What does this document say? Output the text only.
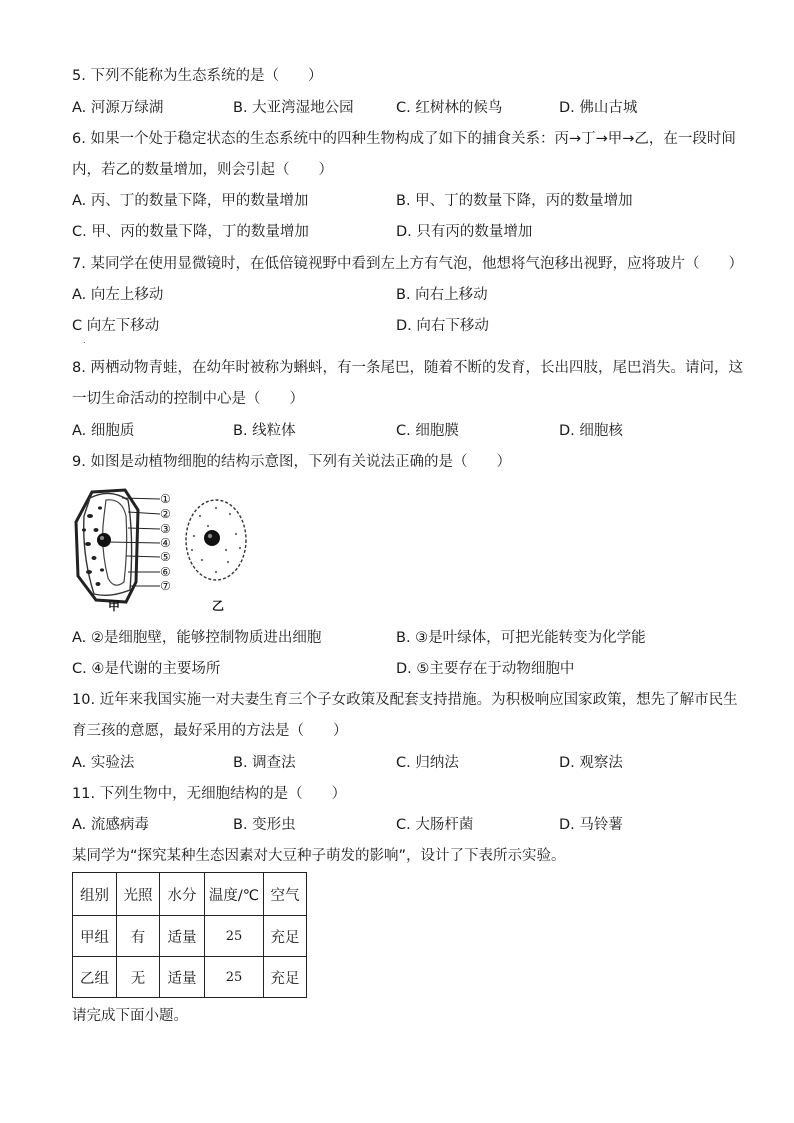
5. 下列不能称为生态系统的是（　　）
A. 河源万绿湖	B. 大亚湾湿地公园	C. 红树林的候鸟	D. 佛山古城
6. 如果一个处于稳定状态的生态系统中的四种生物构成了如下的捕食关系：丙→丁→甲→乙，在一段时间
内，若乙的数量增加，则会引起（　　）
A. 丙、丁的数量下降，甲的数量增加	B. 甲、丁的数量下降，丙的数量增加
C. 甲、丙的数量下降，丁的数量增加	D. 只有丙的数量增加
7. 某同学在使用显微镜时，在低倍镜视野中看到左上方有气泡，他想将气泡移出视野，应将玻片（　　）
A. 向左上移动	B. 向右上移动
C 向左下移动	D. 向右下移动
.
8. 两栖动物青蛙，在幼年时被称为蝌蚪，有一条尾巴，随着不断的发育，长出四肢，尾巴消失。请问，这
一切生命活动的控制中心是（　　）
A. 细胞质	B. 线粒体	C. 细胞膜	D. 细胞核
9. 如图是动植物细胞的结构示意图，下列有关说法正确的是（　　）
①
②
③
④
⑤
⑥
⑦
甲	乙
A. ②是细胞壁，能够控制物质进出细胞	B. ③是叶绿体，可把光能转变为化学能
C. ④是代谢的主要场所	D. ⑤主要存在于动物细胞中
10. 近年来我国实施一对夫妻生育三个子女政策及配套支持措施。为积极响应国家政策，想先了解市民生
育三孩的意愿，最好采用的方法是（　　）
A. 实验法	B. 调查法	C. 归纳法	D. 观察法
11. 下列生物中，无细胞结构的是（　　）
A. 流感病毒	B. 变形虫	C. 大肠杆菌	D. 马铃薯
某同学为“探究某种生态因素对大豆种子萌发的影响”，设计了下表所示实验。
组别	光照	水分	温度/℃	空气
甲组	有	适量	25	充足
乙组	无	适量	25	充足
请完成下面小题。
